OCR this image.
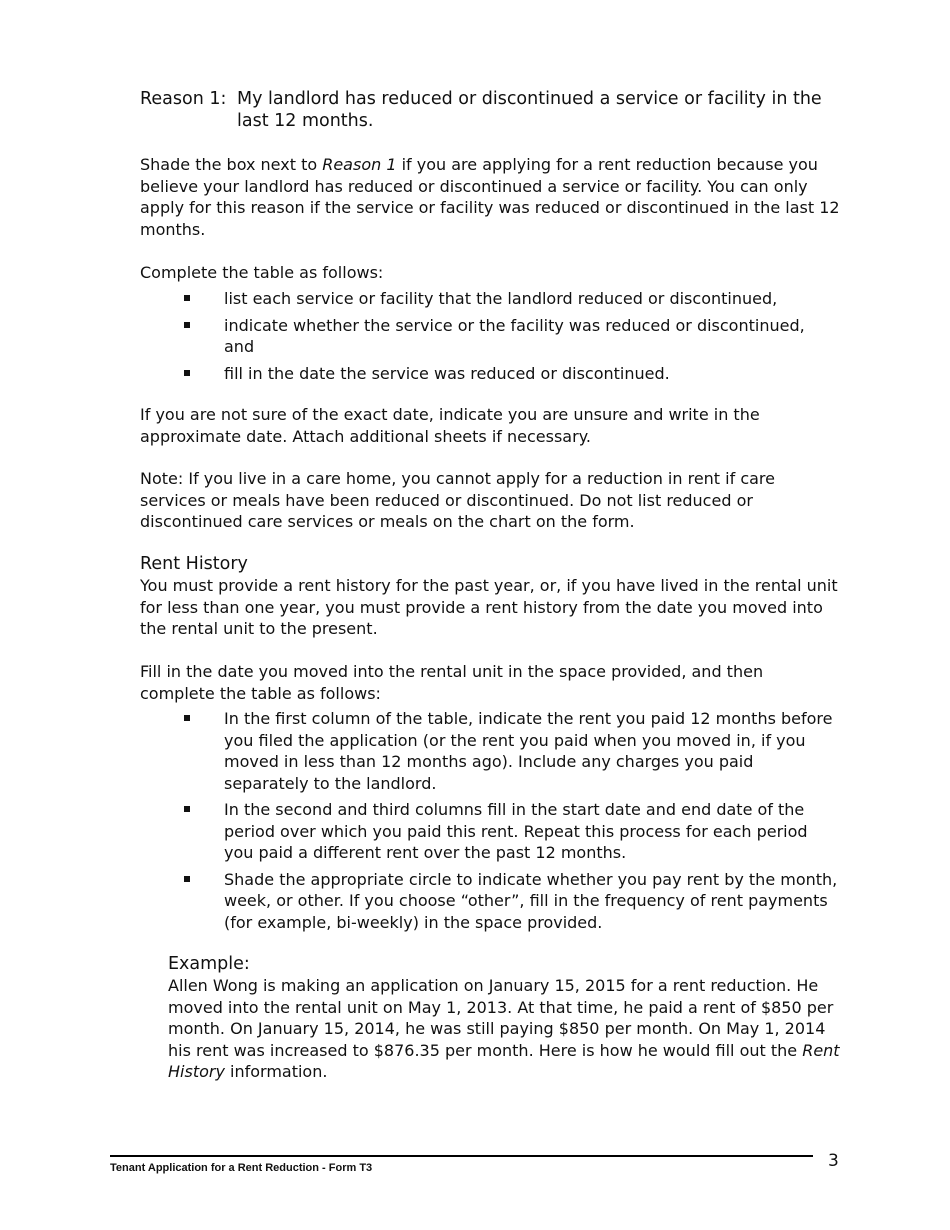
Reason 1: My landlord has reduced or discontinued a service or facility in the last 12 months.

Shade the box next to Reason 1 if you are applying for a rent reduction because you believe your landlord has reduced or discontinued a service or facility. You can only apply for this reason if the service or facility was reduced or discontinued in the last 12 months.

Complete the table as follows:

list each service or facility that the landlord reduced or discontinued,
indicate whether the service or the facility was reduced or discontinued, and
fill in the date the service was reduced or discontinued.

If you are not sure of the exact date, indicate you are unsure and write in the approximate date. Attach additional sheets if necessary.

Note: If you live in a care home, you cannot apply for a reduction in rent if care services or meals have been reduced or discontinued. Do not list reduced or discontinued care services or meals on the chart on the form.

Rent History

You must provide a rent history for the past year, or, if you have lived in the rental unit for less than one year, you must provide a rent history from the date you moved into the rental unit to the present.

Fill in the date you moved into the rental unit in the space provided, and then complete the table as follows:

In the first column of the table, indicate the rent you paid 12 months before you filed the application (or the rent you paid when you moved in, if you moved in less than 12 months ago). Include any charges you paid separately to the landlord.
In the second and third columns fill in the start date and end date of the period over which you paid this rent. Repeat this process for each period you paid a different rent over the past 12 months.
Shade the appropriate circle to indicate whether you pay rent by the month, week, or other. If you choose “other”, fill in the frequency of rent payments (for example, bi-weekly) in the space provided.
Example:

Allen Wong is making an application on January 15, 2015 for a rent reduction. He moved into the rental unit on May 1, 2013. At that time, he paid a rent of $850 per month. On January 15, 2014, he was still paying $850 per month. On May 1, 2014 his rent was increased to $876.35 per month. Here is how he would fill out the Rent History information.

Tenant Application for a Rent Reduction - Form T3	3
